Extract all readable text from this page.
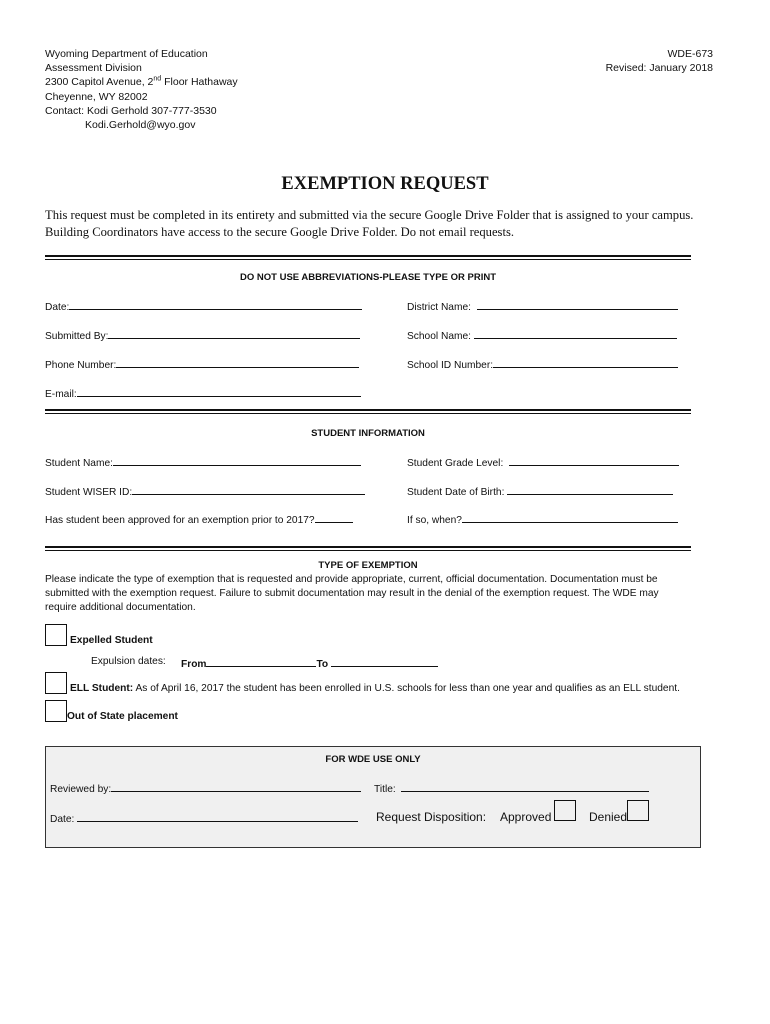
Wyoming Department of Education
Assessment Division
2300 Capitol Avenue, 2nd Floor Hathaway
Cheyenne, WY 82002
Contact: Kodi Gerhold 307-777-3530
Kodi.Gerhold@wyo.gov
WDE-673
Revised: January 2018
EXEMPTION REQUEST
This request must be completed in its entirety and submitted via the secure Google Drive Folder that is assigned to your campus. Building Coordinators have access to the secure Google Drive Folder. Do not email requests.
DO NOT USE ABBREVIATIONS-PLEASE TYPE OR PRINT
Date:	District Name:
Submitted By:	School Name:
Phone Number:	School ID Number:
E-mail:
STUDENT INFORMATION
Student Name:	Student Grade Level:
Student WISER ID:	Student Date of Birth:
Has student been approved for an exemption prior to 2017?	If so, when?
TYPE OF EXEMPTION
Please indicate the type of exemption that is requested and provide appropriate, current, official documentation. Documentation must be submitted with the exemption request. Failure to submit documentation may result in the denial of the exemption request. The WDE may require additional documentation.
Expelled Student
Expulsion dates: From	To
ELL Student: As of April 16, 2017 the student has been enrolled in U.S. schools for less than one year and qualifies as an ELL student.
Out of State placement
FOR WDE USE ONLY
Reviewed by:	Title:
Date:	Request Disposition: Approved	Denied
